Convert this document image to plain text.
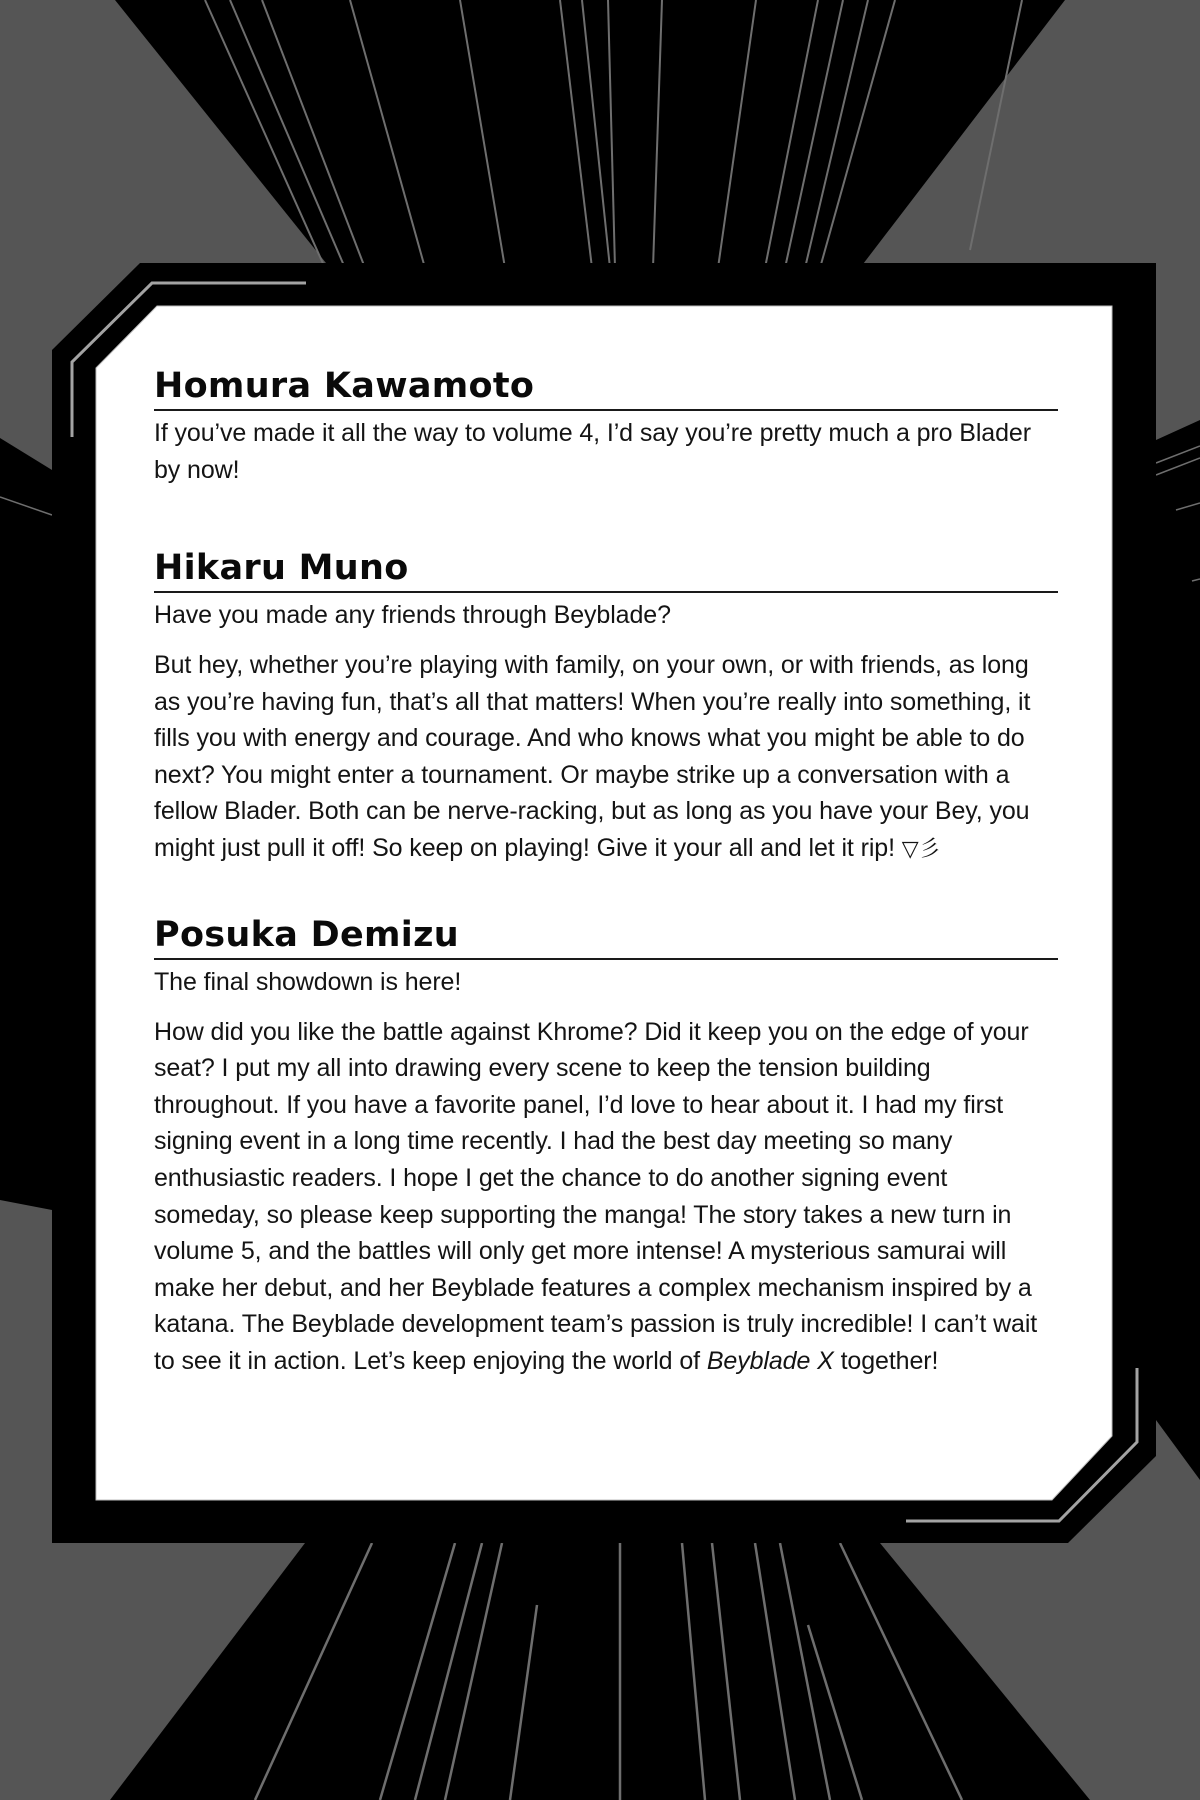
Homura Kawamoto

If you’ve made it all the way to volume 4, I’d say you’re pretty much a pro Blader by now!

Hikaru Muno

Have you made any friends through Beyblade?

But hey, whether you’re playing with family, on your own, or with friends, as long as you’re having fun, that’s all that matters! When you’re really into something, it fills you with energy and courage. And who knows what you might be able to do next? You might enter a tournament. Or maybe strike up a conversation with a fellow Blader. Both can be nerve-racking, but as long as you have your Bey, you might just pull it off! So keep on playing! Give it your all and let it rip! ▽彡

Posuka Demizu

The final showdown is here!

How did you like the battle against Khrome? Did it keep you on the edge of your seat? I put my all into drawing every scene to keep the tension building throughout. If you have a favorite panel, I’d love to hear about it. I had my first signing event in a long time recently. I had the best day meeting so many enthusiastic readers. I hope I get the chance to do another signing event someday, so please keep supporting the manga! The story takes a new turn in volume 5, and the battles will only get more intense! A mysterious samurai will make her debut, and her Beyblade features a complex mechanism inspired by a katana. The Beyblade development team’s passion is truly incredible! I can’t wait to see it in action. Let’s keep enjoying the world of Beyblade X together!
